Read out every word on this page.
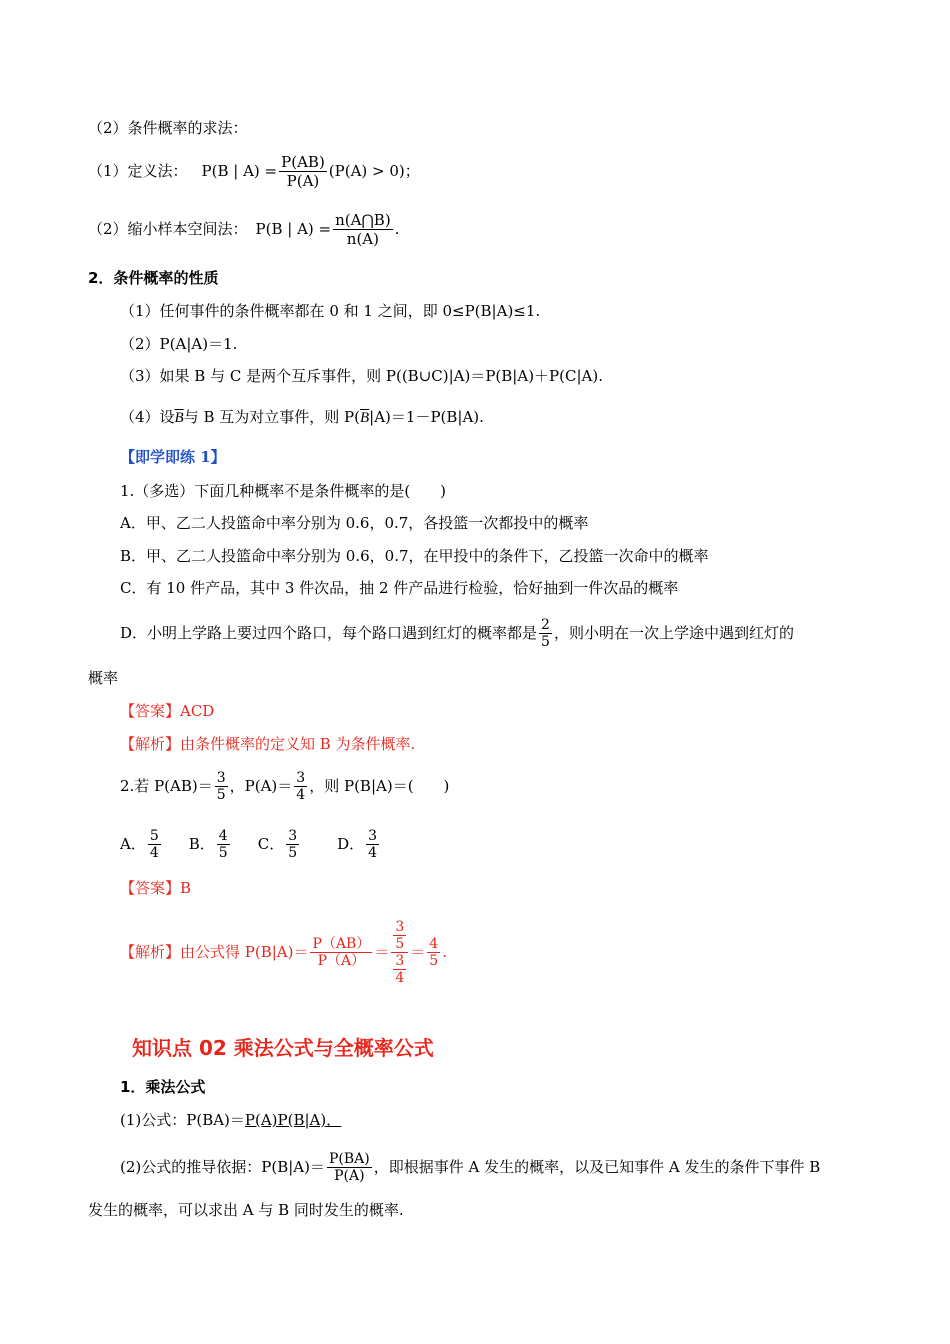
（2）条件概率的求法：
（1）定义法： P(B | $A) = \frac{P(AB)}{P(A)} (P(A) > 0)$；
（2）缩小样本空间法： P(B | $A) = \frac{n(A⋂B)}{n(A)}$ .
2．条件概率的性质
（1）任何事件的条件概率都在 0 和 1 之间，即 0≤P(B|A)≤1.
（2）P(A|A)＝1.
（3）如果 B 与 C 是两个互斥事件，则 P((B∪C)|A)＝P(B|A)＋P(C|A).
（4）设$\overline{B}$与 B 互为对立事件，则 $P(\overline{B}|A)=1-P(B|A)$.
【即学即练 1】
1.（多选）下面几种概率不是条件概率的是(　　)
A．甲、乙二人投篮命中率分别为 0.6，0.7，各投篮一次都投中的概率
B．甲、乙二人投篮命中率分别为 0.6，0.7，在甲投中的条件下，乙投篮一次命中的概率
C．有 10 件产品，其中 3 件次品，抽 2 件产品进行检验，恰好抽到一件次品的概率
D．小明上学路上要过四个路口，每个路口遇到红灯的概率都是 $\frac{2}{5}$ ，则小明在一次上学途中遇到红灯的
概率
【答案】ACD
【解析】由条件概率的定义知 B 为条件概率.
2.若 $P(AB)= \frac{3}{5}$ ，$P(A)= \frac{3}{4}$ ，则 P(B|A)＝(　　)
A． $\frac{5}{4}$ B． $\frac{4}{5}$ C． $\frac{3}{5}$	D． $\frac{3}{4}$
【答案】B
【解析】由公式得 $P(B|A)= \frac{P(AB)}{P(A)} = \frac{\frac{3}{5}}{\frac{3}{4}} = \frac{4}{5}$ .
知识点 02 乘法公式与全概率公式
1．乘法公式
(1)公式：P(BA)＝P(A)P(B|A)．
(2)公式的推导依据：$P(B|A)= \frac{P(BA)}{P(A)}$ ，即根据事件 A 发生的概率，以及已知事件 A 发生的条件下事件 B
发生的概率，可以求出 A 与 B 同时发生的概率.
